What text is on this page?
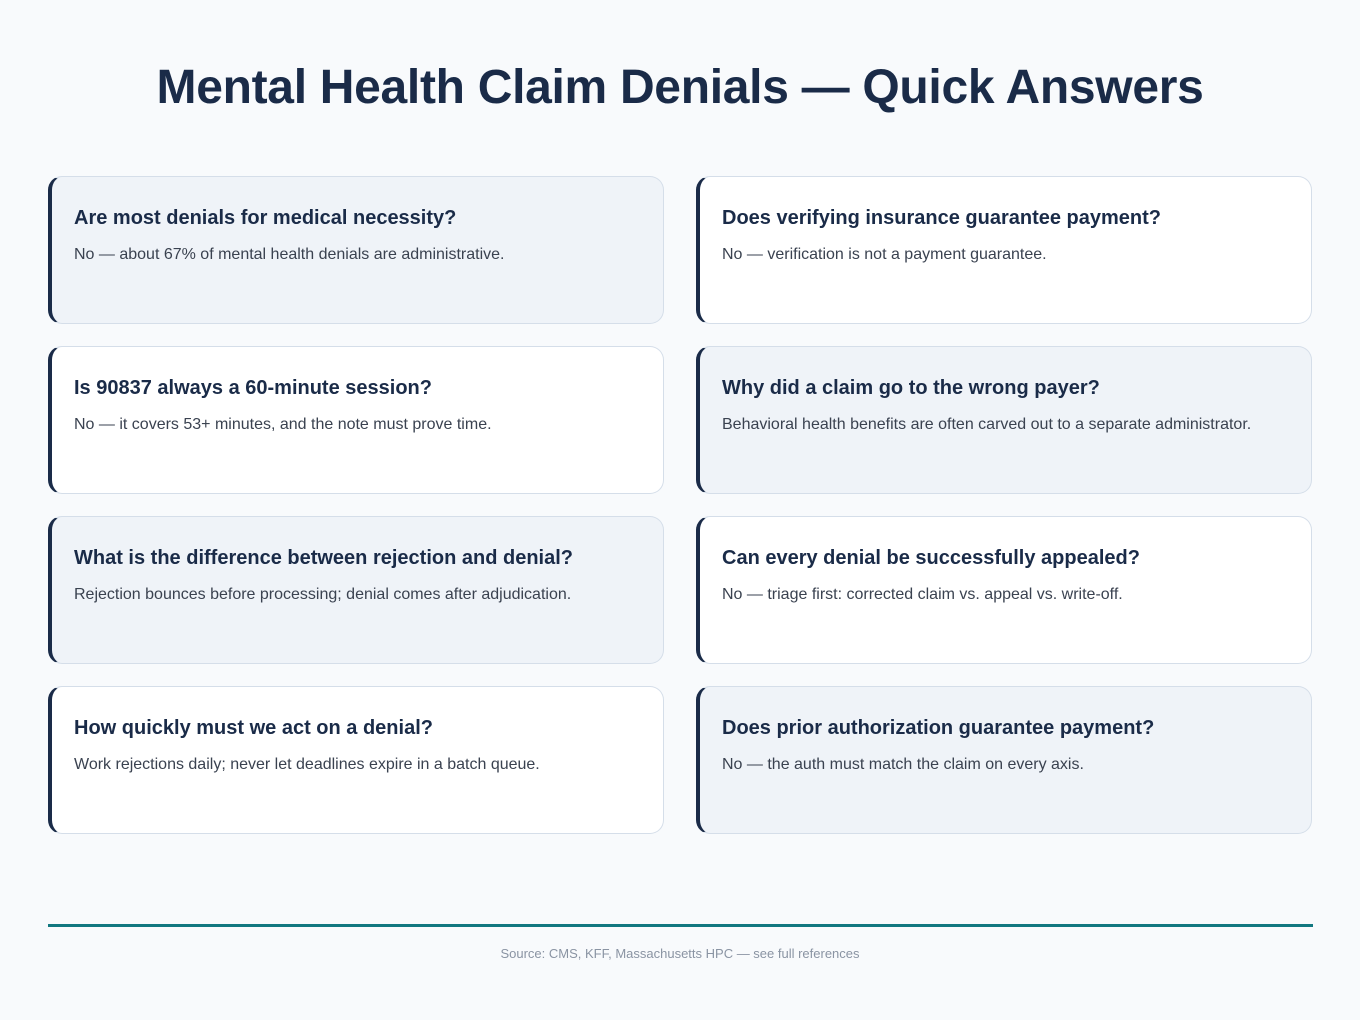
Mental Health Claim Denials — Quick Answers
Are most denials for medical necessity?
No — about 67% of mental health denials are administrative.
Does verifying insurance guarantee payment?
No — verification is not a payment guarantee.
Is 90837 always a 60-minute session?
No — it covers 53+ minutes, and the note must prove time.
Why did a claim go to the wrong payer?
Behavioral health benefits are often carved out to a separate administrator.
What is the difference between rejection and denial?
Rejection bounces before processing; denial comes after adjudication.
Can every denial be successfully appealed?
No — triage first: corrected claim vs. appeal vs. write-off.
How quickly must we act on a denial?
Work rejections daily; never let deadlines expire in a batch queue.
Does prior authorization guarantee payment?
No — the auth must match the claim on every axis.
Source: CMS, KFF, Massachusetts HPC — see full references
